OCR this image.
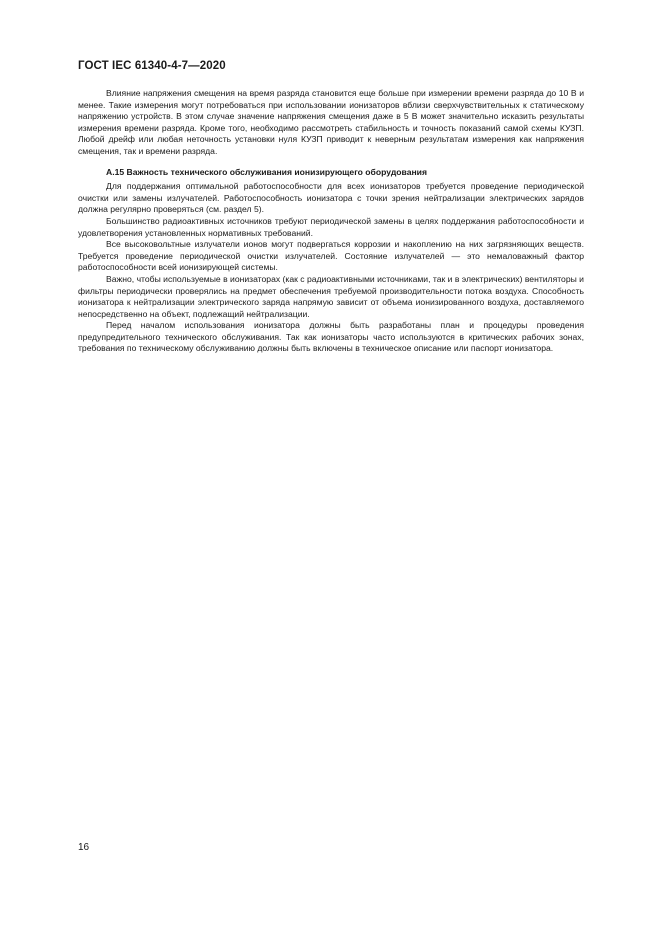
ГОСТ IEC 61340-4-7—2020

Влияние напряжения смещения на время разряда становится еще больше при измерении времени разряда до 10 В и менее. Такие измерения могут потребоваться при использовании ионизаторов вблизи сверхчувствительных к статическому напряжению устройств. В этом случае значение напряжения смещения даже в 5 В может значительно исказить результаты измерения времени разряда. Кроме того, необходимо рассмотреть стабильность и точность показаний самой схемы КУЗП. Любой дрейф или любая неточность установки нуля КУЗП приводит к неверным результатам измерения как напряжения смещения, так и времени разряда.

А.15 Важность технического обслуживания ионизирующего оборудования

Для поддержания оптимальной работоспособности для всех ионизаторов требуется проведение периодической очистки или замены излучателей. Работоспособность ионизатора с точки зрения нейтрализации электрических зарядов должна регулярно проверяться (см. раздел 5).

Большинство радиоактивных источников требуют периодической замены в целях поддержания работоспособности и удовлетворения установленных нормативных требований.

Все высоковольтные излучатели ионов могут подвергаться коррозии и накоплению на них загрязняющих веществ. Требуется проведение периодической очистки излучателей. Состояние излучателей — это немаловажный фактор работоспособности всей ионизирующей системы.

Важно, чтобы используемые в ионизаторах (как с радиоактивными источниками, так и в электрических) вентиляторы и фильтры периодически проверялись на предмет обеспечения требуемой производительности потока воздуха. Способность ионизатора к нейтрализации электрического заряда напрямую зависит от объема ионизированного воздуха, доставляемого непосредственно на объект, подлежащий нейтрализации.

Перед началом использования ионизатора должны быть разработаны план и процедуры проведения предупредительного технического обслуживания. Так как ионизаторы часто используются в критических рабочих зонах, требования по техническому обслуживанию должны быть включены в техническое описание или паспорт ионизатора.

16
